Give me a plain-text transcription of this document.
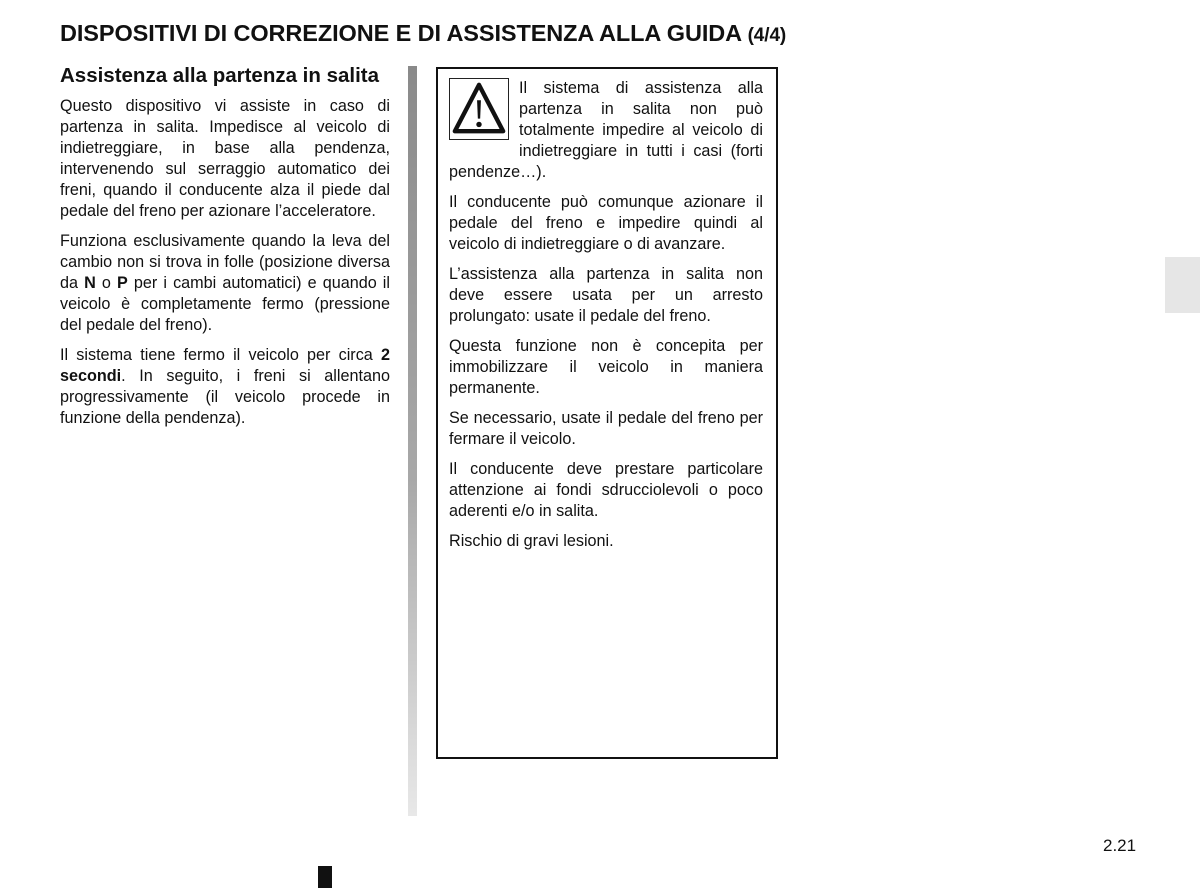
DISPOSITIVI DI CORREZIONE E DI ASSISTENZA ALLA GUIDA (4/4)
Assistenza alla partenza in salita

Questo dispositivo vi assiste in caso di partenza in salita. Impedisce al veicolo di indietreggiare, in base alla pendenza, intervenendo sul serraggio automatico dei freni, quando il conducente alza il piede dal pedale del freno per azionare l’acceleratore.

Funziona esclusivamente quando la leva del cambio non si trova in folle (posizione diversa da N o P per i cambi automatici) e quando il veicolo è completamente fermo (pressione del pedale del freno).

Il sistema tiene fermo il veicolo per circa 2 secondi. In seguito, i freni si allentano progressivamente (il veicolo procede in funzione della pendenza).

Il sistema di assistenza alla partenza in salita non può totalmente impedire al veicolo di indietreggiare in tutti i casi (forti pendenze…).

Il conducente può comunque azionare il pedale del freno e impedire quindi al veicolo di indietreggiare o di avanzare.

L’assistenza alla partenza in salita non deve essere usata per un arresto prolungato: usate il pedale del freno.

Questa funzione non è concepita per immobilizzare il veicolo in maniera permanente.

Se necessario, usate il pedale del freno per fermare il veicolo.

Il conducente deve prestare particolare attenzione ai fondi sdrucciolevoli o poco aderenti e/o in salita.

Rischio di gravi lesioni.

2.21
